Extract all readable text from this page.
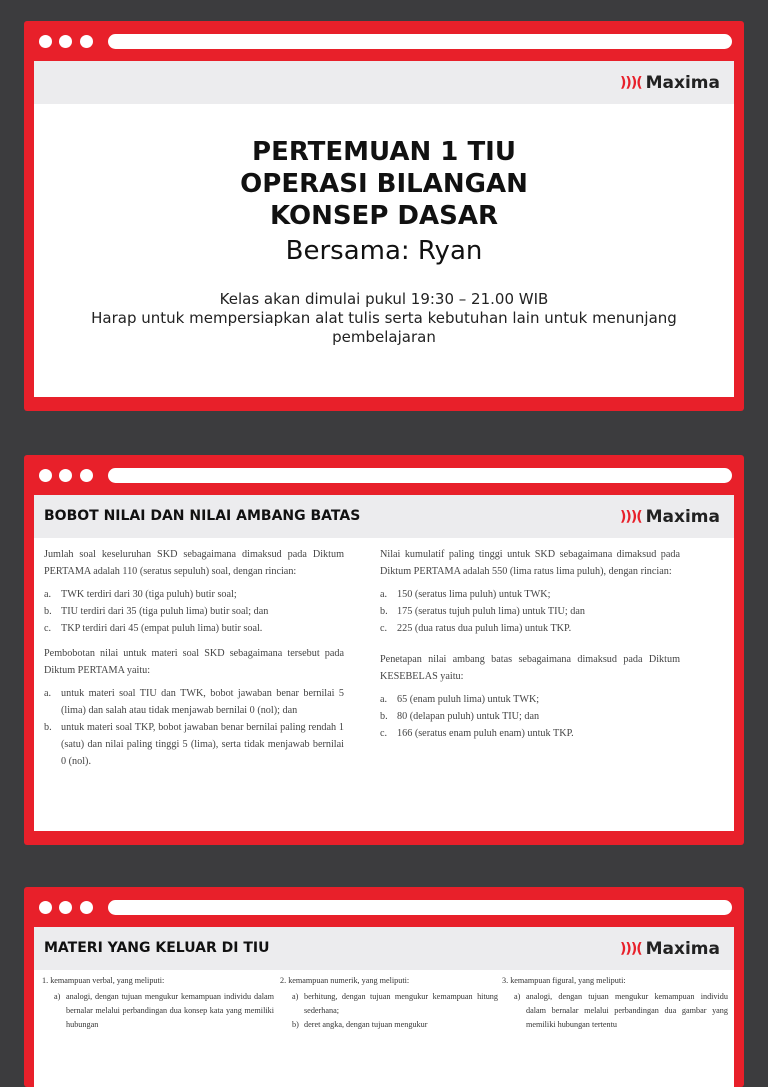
)))( Maxima
PERTEMUAN 1 TIU
OPERASI BILANGAN
KONSEP DASAR
Bersama: Ryan
Kelas akan dimulai pukul 19:30 – 21.00 WIB
Harap untuk mempersiapkan alat tulis serta kebutuhan lain untuk menunjang pembelajaran
BOBOT NILAI DAN NILAI AMBANG BATAS	)))( Maxima

Jumlah soal keseluruhan SKD sebagaimana dimaksud pada Diktum PERTAMA adalah 110 (seratus sepuluh) soal, dengan rincian:

a. TWK terdiri dari 30 (tiga puluh) butir soal;
b. TIU terdiri dari 35 (tiga puluh lima) butir soal; dan
c. TKP terdiri dari 45 (empat puluh lima) butir soal.

Pembobotan nilai untuk materi soal SKD sebagaimana tersebut pada Diktum PERTAMA yaitu:

a. untuk materi soal TIU dan TWK, bobot jawaban benar bernilai 5 (lima) dan salah atau tidak menjawab bernilai 0 (nol); dan
b. untuk materi soal TKP, bobot jawaban benar bernilai paling rendah 1 (satu) dan nilai paling tinggi 5 (lima), serta tidak menjawab bernilai 0 (nol).

Nilai kumulatif paling tinggi untuk SKD sebagaimana dimaksud pada Diktum PERTAMA adalah 550 (lima ratus lima puluh), dengan rincian:

a. 150 (seratus lima puluh) untuk TWK;
b. 175 (seratus tujuh puluh lima) untuk TIU; dan
c. 225 (dua ratus dua puluh lima) untuk TKP.

Penetapan nilai ambang batas sebagaimana dimaksud pada Diktum KESEBELAS yaitu:

a. 65 (enam puluh lima) untuk TWK;
b. 80 (delapan puluh) untuk TIU; dan
c. 166 (seratus enam puluh enam) untuk TKP.
MATERI YANG KELUAR DI TIU	)))( Maxima
1. kemampuan verbal, yang meliputi:
a) analogi, dengan tujuan mengukur kemampuan individu dalam bernalar melalui perbandingan dua konsep kata yang memiliki hubungan
2. kemampuan numerik, yang meliputi:
a) berhitung, dengan tujuan mengukur kemampuan hitung sederhana;
b) deret angka, dengan tujuan mengukur
3. kemampuan figural, yang meliputi:
a) analogi, dengan tujuan mengukur kemampuan individu dalam bernalar melalui perbandingan dua gambar yang memiliki hubungan tertentu
